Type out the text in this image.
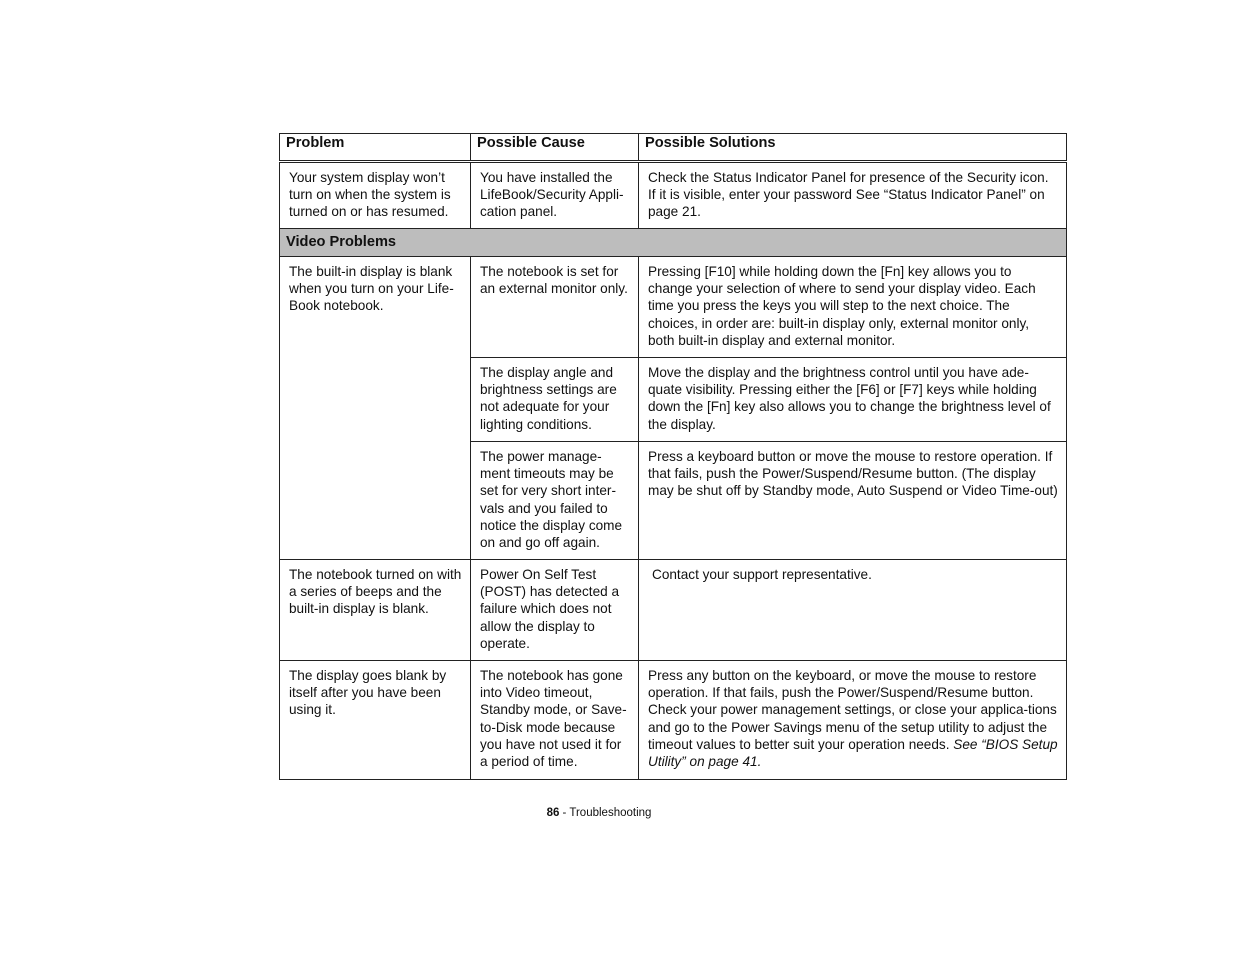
Problem	Possible Cause	Possible Solutions
Your system display won’t turn on when the system is turned on or has resumed.	You have installed the LifeBook/Security Appli-cation panel.	Check the Status Indicator Panel for presence of the Security icon. If it is visible, enter your password See “Status Indicator Panel” on page 21.
Video Problems		
The built-in display is blank when you turn on your Life-Book notebook.	The notebook is set for an external monitor only.	Pressing [F10] while holding down the [Fn] key allows you to change your selection of where to send your display video. Each time you press the keys you will step to the next choice. The choices, in order are: built-in display only, external monitor only, both built-in display and external monitor.
	The display angle and brightness settings are not adequate for your lighting conditions.	Move the display and the brightness control until you have ade-quate visibility. Pressing either the [F6] or [F7] keys while holding down the [Fn] key also allows you to change the brightness level of the display.
	The power manage-ment timeouts may be set for very short inter-vals and you failed to notice the display come on and go off again.	Press a keyboard button or move the mouse to restore operation. If that fails, push the Power/Suspend/Resume button. (The display may be shut off by Standby mode, Auto Suspend or Video Time-out)
The notebook turned on with a series of beeps and the built-in display is blank.	Power On Self Test (POST) has detected a failure which does not allow the display to operate.	Contact your support representative.
The display goes blank by itself after you have been using it.	The notebook has gone into Video timeout, Standby mode, or Save-to-Disk mode because you have not used it for a period of time.	Press any button on the keyboard, or move the mouse to restore operation. If that fails, push the Power/Suspend/Resume button. Check your power management settings, or close your applica-tions and go to the Power Savings menu of the setup utility to adjust the timeout values to better suit your operation needs. See “BIOS Setup Utility” on page 41.
86 - Troubleshooting
